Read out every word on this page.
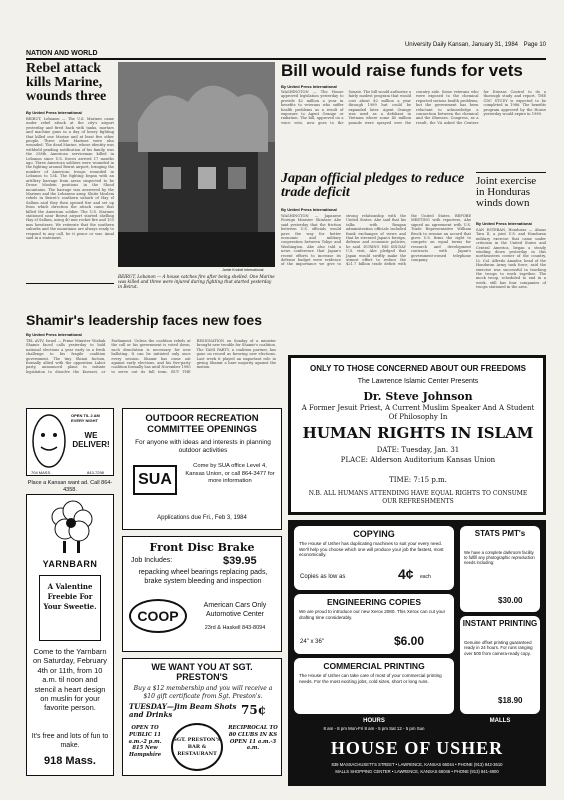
University Daily Kansan, January 31, 1984 Page 10
NATION AND WORLD
Rebel attack kills Marine, wounds three
By United Press International
BEIRUT, Lebanon — The U.S. Marines came under rebel attack at the city's airport yesterday and fired back with tanks, mortars and machine guns in a day of heavy fighting that killed one Marine and at least five other people. Three other Marines were also wounded. The dead Marine, whose identity was withheld pending notification of his family, was the 258th American serviceman killed in Lebanon since U.S. forces arrived 17 months ago. Three American soldiers were wounded in the fighting around Beirut airport, bringing the number of American troops wounded in Lebanon to 134. The fighting began with an artillery barrage from areas suspected to be Druse Moslem positions in the Shouf mountains. The barrage was answered by the Marines and the Lebanese army. Shiite Moslem rebels in Beirut's southern suburb of Hay el Sallum said they then opened fire and set up from which direction the attack came that killed the American soldier. The U.S. Marines stationed near Beirut airport started shelling Hay el Sallum, using 40 mm rocket fire and 155 mm howitzers. We reiterate that the southern suburbs and the mountains are always ready to respond to any call, be it peace or war, Amal said in a statement.
Jamie Knobel International
BEIRUT, Lebanon — A house catches fire after being shelled. One Marine was killed and three were injured during fighting that started yesterday in Beirut.
Bill would raise funds for vets
By United Press International
WASHINGTON — The House approved legislation yesterday to provide $2 million a year in benefits to veterans who suffer health problems as a result of exposure to Agent Orange or radiation. The bill, approved on a voice vote, now goes to the Senate. The bill would authorize a fairly modest program that would cost about $2 million a year through 1989 but could be expanded later. Agent Orange was used as a defoliant in Vietnam where some 40 million pounds were sprayed over the country side. Some veterans who were exposed to the chemical reported serious health problems, but the government has been reluctant to acknowledge a connection between the chemical and the illnesses. Congress, as a result, the VA asked the Centers for Disease Control to do a thorough study and report. THE CDC STUDY is expected to be completed in 1986. The benefits program approved by the House yesterday would expire in 1989.
Joint exercise in Honduras winds down
By United Press International
SAN ESTEBAN, Honduras — Ahuas Tara II, a joint U.S. and Honduran military exercise that came under criticism in the United States and Central America, began a steady winding down yesterday in this northeastern corner of the country. Lt. Col. Alfredo Amador, head of the Honduran Army task force, said the exercise was successful in teaching the troops to work together. The mock troop, scheduled to end in a week, still has four companies of troops stationed in the area.
Japan official pledges to reduce trade deficit
By United Press International
WASHINGTON — Japanese Foreign Minister Shintaro Abe said yesterday that the friction between U.S. officials would pave the way for better economic and military cooperation between Tokyo and Washington. Abe also told a news conference that Japan's recent efforts to increase its defense budget were evidence of the importance we give to strong relationship with the United States. Abe said that his talks with Reagan administration officials included frank exchanges of views and that he stressed Japan's foreign, defense and economic policies, he said. DURING HIS SIX-DAY U.S. visit, Abe pledged that Japan would swiftly make the utmost effort to reduce the $21.7 billion trade deficit with the United States. BEFORE MEETING with reporters, Abe signed an agreement with U.S. Trade Representative William Brock to resume an accord that gives U.S. firms the right to compete on equal terms for research and development contracts with Japan's government-owned telephone company.
Shamir's leadership faces new foes
By United Press International
TEL AVIV, Israel — Prime Minister Yitzhak Shamir faced calls yesterday to hold national elections a year early in a fresh challenge to his fragile coalition government. The tiny Shinui faction, formally allied with the opposition Labor party, announced plans to initiate legislation to dissolve the Knesset, or Parliament. Unless the coalition rebels at the call or his government is voted down, such dissolution is necessary for new balloting. It can be initiated only once every session. Shamir has come out against early elections, and his five-party coalition formally has until November 1985 to serve out its full term. BUT THE RESIGNATION on Sunday of a minister brought new trouble for Shamir's coalition. The TAMI PARTY, a coalition partner, has gone on record as favoring new elections. Last week it played an important role in giving Shamir a bare majority against the motion.
OPEN TIL 2 AM EVERY NIGHT
WE DELIVER!
704 MASS.	843-7298
Place a Kansan want ad. Call 864-4358.
OUTDOOR RECREATION COMMITTEE OPENINGS
For anyone with ideas and interests in planning outdoor activities
SUA
Come by SUA office Level 4, Kansas Union, or call 864-3477 for more information
Applications due Fri., Feb 3, 1984
ONLY TO THOSE CONCERNED ABOUT OUR FREEDOMS
The Lawrence Islamic Center Presents
Dr. Steve Johnson
A Former Jesuit Priest, A Current Muslim Speaker And A Student Of Philosophy In
HUMAN RIGHTS IN ISLAM
DATE: Tuesday, Jan. 31
PLACE: Alderson Auditorium Kansas Union
TIME: 7:15 p.m.
N.B. ALL HUMANS ATTENDING HAVE EQUAL RIGHTS TO CONSUME OUR REFRESHMENTS
YARNBARN
A Valentine Freebie For Your Sweetie.
Come to the Yarnbarn on Saturday, February 4th or 11th, from 10 a.m. til noon and stencil a heart design on muslin for your favorite person.
It's free and lots of fun to make.
918 Mass.
Front Disc Brake
Job Includes:	$39.95
repacking wheel bearings replacing pads, brake system bleeding and inspection
COOP
American Cars Only Automotive Center
23rd & Haskell 843-8094
WE WANT YOU AT SGT. PRESTON'S
Buy a $12 membership and you will receive a $10 gift certificate from Sgt. Preston's.
TUESDAY—Jim Beam Shots and Drinks	75¢
OPEN TO PUBLIC 11 a.m.-2 p.m. 815 New Hampshire
SGT. PRESTON'S BAR & RESTAURANT
RECIPROCAL TO 80 CLUBS IN KS OPEN 11 a.m.-3 a.m.
COPYING
The House of Usher has duplicating machines to suit your every need. We'll help you choose which one will produce your job the fastest, most economically.
Copies as low as	4¢ each
ENGINEERING COPIES
We are proud to introduce our new Xerox 2080. This Xerox can cut your drafting time considerably.
24" x 36"	$6.00
COMMERCIAL PRINTING
The House of Usher can take care of most of your commercial printing needs. For the most exciting jobs, cold sizes, short or long runs.
HOURS
8 am - 8 pm Mon-Fri 8 am - 5 pm Sat 12 - 5 pm Sun
STATS PMT's
We have a complete darkroom facility to fulfill any photographic reproduction needs including:
$30.00
INSTANT PRINTING
Genuine offset printing guaranteed ready in 24 hours. For runs ranging over 500 from camera-ready copy.
$18.90
MALLS
HOUSE OF USHER
838 MASSACHUSETTS STREET • LAWRENCE, KANSAS 66044 • PHONE (913) 842-3610
MALLS SHOPPING CENTER • LAWRENCE, KANSAS 66046 • PHONE (913) 841-4900
